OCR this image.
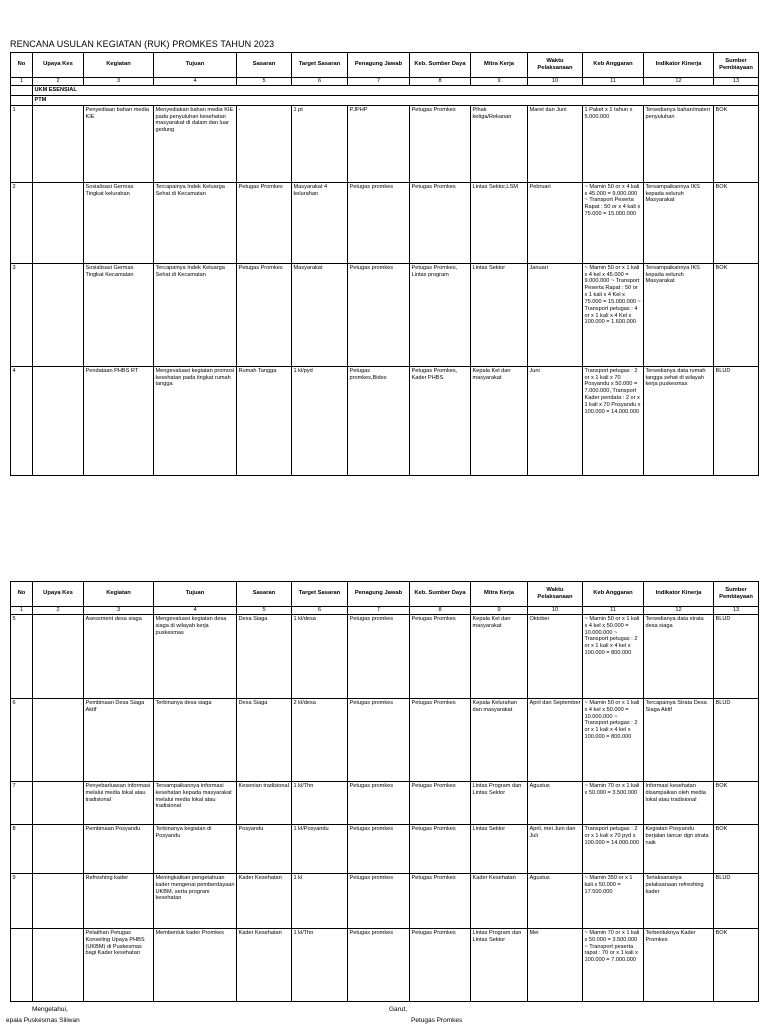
RENCANA USULAN KEGIATAN (RUK) PROMKES TAHUN 2023
No	Upaya Kes	Kegiatan	Tujuan	Sasaran	Target Sasaran	Penagung Jawab	Keb. Sumber Daya	Mitra Kerja	Waktu Pelaksanaan	Keb Anggaran	Indikator Kinerja	Sumber Pembiayaan
1	2	3	4	5	6	7	8	9	10	11	12	13
	UKM ESENSIAL											
	PTM											
1		Penyediaan bahan media KIE	Menyediakan bahan media KIE pada penyuluhan kesehatan masyarakat di dalam dan luar gedung	-	1 pt	PJPHP	Petugas Promkes	Pihak ketiga/Rekanan	Maret dan Juni	1 Paket x 1 tahun x 5.000.000	Tersedianya bahan/materi penyuluhan	BOK
2		Sosialisasi Germas Tingkat kelurahan	Tercapainya Indek Keluarga Sehat di Kecamatan	Petugas Promkes	Masyarakat 4 kelurahan	Petugas promkes	Petugas Promkes	Lintas Sektor,LSM	Pebruari	~ Mamin 50 or x 4 kali x 45.000 = 9.000.000 ~ Transport Peserta Rapat : 50 or x 4 kali x 75.000 = 15.000.000	Tersampaikannya IKS kepada seluruh Masyarakat	BOK
3		Sosialisasi Germas Tingkat Kecamatan	Tercapainya Indek Keluarga Sehat di Kecamatan	Petugas Promkes	Masyarakat	Petugas promkes	Petugas Promkes, Lintas program	Lintas Sektor	Januari	~ Mamin 50 or x 1 kali x 4 kel x 45.000 = 9.000.000 ~ Transport Peserta Rapat : 50 or x 1 kali x 4 Kel x 75.000 = 15.000.000 ~ Transport petugas : 4 or x 1 kali x 4 Kel x 100.000 = 1.600.000	Tersampaikannya IKS kepada seluruh Masyarakat	BOK
4		Pendataan PHBS RT	Mengevaluasi kegiatan promosi kesehatan pada tingkat rumah tangga	Rumah Tangga	1 kl/pyd	Petugas promkes,Bides	Petugas Promkes, Kader PHBS	Kepala Kel dan masyarakat	Juni	Transport petugas : 2 or x 1 kali x 70 Posyandu x 50.000 = 7.000.000, Transport Kader pendata : 2 or x 1 kali x 70 Posyandu x 100.000 = 14.000.000	Tersedianya data rumah tangga sehat di wilayah kerja puskesmas	BLUD
No	Upaya Kes	Kegiatan	Tujuan	Sasaran	Target Sasaran	Penagung Jawab	Keb. Sumber Daya	Mitra Kerja	Waktu Pelaksanaan	Keb Anggaran	Indikator Kinerja	Sumber Pembiayaan
1	2	3	4	5	6	7	8	9	10	11	12	13
5		Asessment desa siaga	Mengevaluasi kegiatan desa siaga di wilayah kerja puskesmas	Desa Siaga	1 kl/desa	Petugas promkes	Petugas Promkes	Kepala Kel dan masyarakat	Oktober	~ Mamin 50 or x 1 kali x 4 kel x 50.000 = 10.000.000 ~ Transport petugas : 2 or x 1 kali x 4 kel x 100.000 = 800.000	Tersedianya data strata desa siaga	BLUD
6		Pembinaan Desa Siaga Aktif	Terbinanya desa siaga	Desa Siaga	2 kl/desa	Petugas promkes	Petugas Promkes	Kepala Kelurahan dan masyarakat	April dan September	~ Mamin 50 or x 1 kali x 4 kel x 50.000 = 10.000.000 ~ Transport petugas : 2 or x 1 kali x 4 kel x 100.000 = 800.000	Tercapainya Strata Desa Siaga Aktif	BLUD
7		Penyebarluasan informasi melalui media lokal atau tradisional	Tersampaikannya informasi kesehatan kepada masyarakat melalui media lokal atau tradisional	Kesenian tradisional	1 kl/Thn	Petugas promkes	Petugas Promkes	Lintas Program dan Lintas Sektor	Agustus	~ Mamin 70 or x 1 kali x 50.000 = 3.500.000	Informasi kesehatan disampaikan oleh media lokal atau tradisional	BOK
8		Pembinaan Posyandu	Terbinanya kegiatan di Posyandu	Posyandu	1 kl/Posyandu	Petugas promkes	Petugas Promkes	Lintas Sektor	April, mei Juni dan Juli	Transport petugas : 2 or x 1 kali x 70 pyd x 100.000 = 14.000.000	Kegiatan Posyandu berjalan lancar dgn strata naik	BOK
9		Refreshing kader	Meningkatkan pengetahuan kader mengenai pemberdayaan UKBM, serta program kesehatan	Kader Kesehatan	1 kl	Petugas promkes	Petugas Promkes	Kader Kesehatan	Agustus	~ Mamin 350 or x 1 kali x 50.000 = 17.500.000	Terlaksananya pelaksanaan refreshing kader	BLUD
		Pelatihan Petugas Konseling Upaya PHBS (UKBM) di Puskesmas bagi Kader kesehatan	Membentuk kader Promkes	Kader Kesehatan	1 kl/Thn	Petugas promkes	Petugas Promkes	Lintas Program dan Lintas Sektor	Mei	~ Mamin 70 or x 1 kali x 50.000 = 3.500.000 ~ Transport peserta rapat : 70 or x 1 kali x 100.000 = 7.000.000	Terbentuknya Kader Promkes	BOK
Mengetahui,
epala Puskesmas Siliwan
Garut,
Petugas Promkes
